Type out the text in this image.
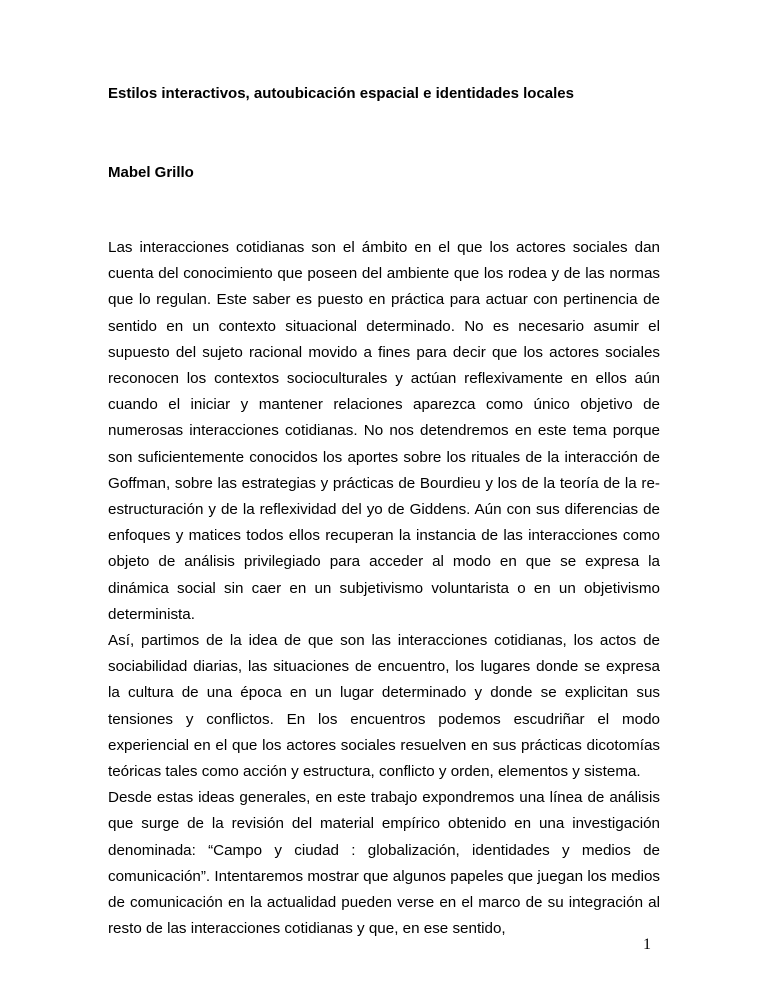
Estilos interactivos, autoubicación espacial e identidades locales
Mabel Grillo

Las interacciones cotidianas son el ámbito en el que los actores sociales dan cuenta del conocimiento que poseen del ambiente que los rodea y de las normas que lo regulan. Este saber es puesto en práctica para actuar con pertinencia de sentido en un contexto situacional determinado. No es necesario asumir el supuesto del sujeto racional movido a fines para decir que los actores sociales reconocen los contextos socioculturales y actúan reflexivamente en ellos aún cuando el iniciar y mantener relaciones aparezca como único objetivo de numerosas interacciones cotidianas. No nos detendremos en este tema porque son suficientemente conocidos los aportes sobre los rituales de la interacción de Goffman, sobre las estrategias y prácticas de Bourdieu y los de la teoría de la re-estructuración y de la reflexividad del yo de Giddens. Aún con sus diferencias de enfoques y matices todos ellos recuperan la instancia de las interacciones como objeto de análisis privilegiado para acceder al modo en que se expresa la dinámica social sin caer en un subjetivismo voluntarista o en un objetivismo determinista.

Así, partimos de la idea de que son las interacciones cotidianas, los actos de sociabilidad diarias, las situaciones de encuentro, los lugares donde se expresa la cultura de una época en un lugar determinado y donde se explicitan sus tensiones y conflictos. En los encuentros podemos escudriñar el modo experiencial en el que los actores sociales resuelven en sus prácticas dicotomías teóricas tales como acción y estructura, conflicto y orden, elementos y sistema.

Desde estas ideas generales, en este trabajo expondremos una línea de análisis que surge de la revisión del material empírico obtenido en una investigación denominada: “Campo y ciudad : globalización, identidades y medios de comunicación”. Intentaremos mostrar que algunos papeles que juegan los medios de comunicación en la actualidad pueden verse en el marco de su integración al resto de las interacciones cotidianas y que, en ese sentido,

1
